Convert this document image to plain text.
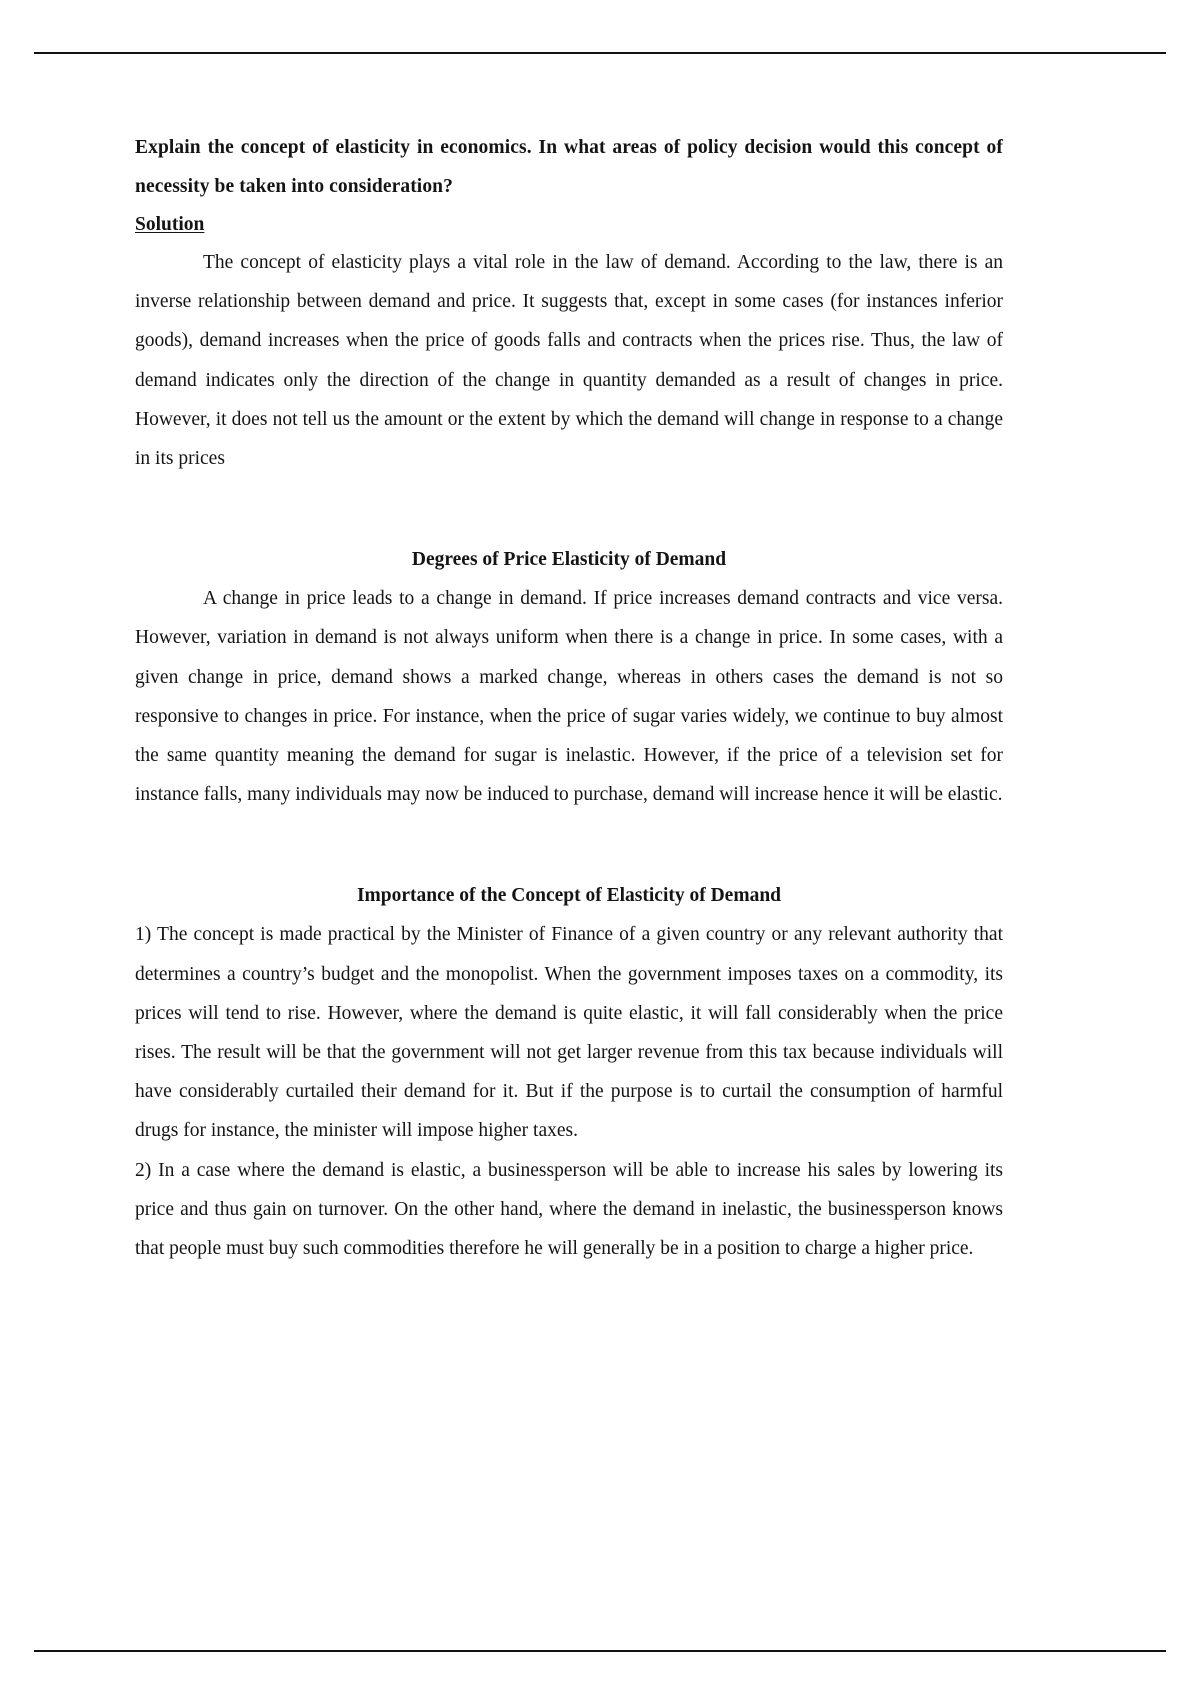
Explain the concept of elasticity in economics. In what areas of policy decision would this concept of necessity be taken into consideration?

Solution

The concept of elasticity plays a vital role in the law of demand. According to the law, there is an inverse relationship between demand and price. It suggests that, except in some cases (for instances inferior goods), demand increases when the price of goods falls and contracts when the prices rise. Thus, the law of demand indicates only the direction of the change in quantity demanded as a result of changes in price. However, it does not tell us the amount or the extent by which the demand will change in response to a change in its prices

Degrees of Price Elasticity of Demand

A change in price leads to a change in demand. If price increases demand contracts and vice versa. However, variation in demand is not always uniform when there is a change in price. In some cases, with a given change in price, demand shows a marked change, whereas in others cases the demand is not so responsive to changes in price. For instance, when the price of sugar varies widely, we continue to buy almost the same quantity meaning the demand for sugar is inelastic. However, if the price of a television set for instance falls, many individuals may now be induced to purchase, demand will increase hence it will be elastic.

Importance of the Concept of Elasticity of Demand

1) The concept is made practical by the Minister of Finance of a given country or any relevant authority that determines a country’s budget and the monopolist. When the government imposes taxes on a commodity, its prices will tend to rise. However, where the demand is quite elastic, it will fall considerably when the price rises. The result will be that the government will not get larger revenue from this tax because individuals will have considerably curtailed their demand for it. But if the purpose is to curtail the consumption of harmful drugs for instance, the minister will impose higher taxes.

2) In a case where the demand is elastic, a businessperson will be able to increase his sales by lowering its price and thus gain on turnover. On the other hand, where the demand in inelastic, the businessperson knows that people must buy such commodities therefore he will generally be in a position to charge a higher price.
